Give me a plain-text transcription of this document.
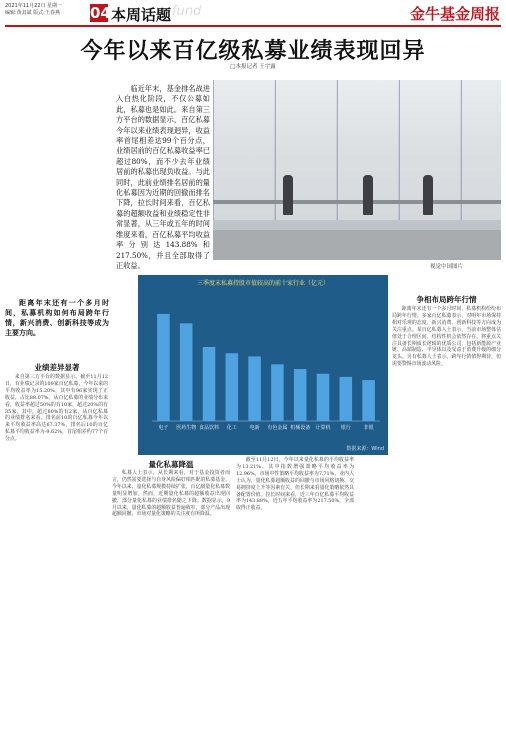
2021年11月22日 星期一
编辑:黄其斌 版式:王春燕	04 本周话题 fund	金牛基金周报
今年以来百亿级私募业绩表现回异
□本报记者 王宇露

临近年末，基金排名战进入白热化阶段，不仅公募如此，私募也是如此。来自第三方平台的数据显示，百亿私募今年以来业绩表现迥异，收益率首尾相差达99个百分点，业绩居前的百亿私募收益率已超过80%，而不少去年业绩居前的私募出现负收益。与此同时，此前业绩排名居前的量化私募因为近期的回撤而排名下降，拉长时间来看，百亿私募的超额收益和业绩稳定性非常显著，从三年或五年的时间维度来看，百亿私募平均收益率分别达143.88%和217.50%，并且全部取得了正收益。	视觉中国图片

距离年末还有一个多月时间，私募机构如何布局跨年行情，新兴消费、创新科技等成为主要方向。

业绩差异显著

来自第三方平台的数据显示，截至11月12日，有业绩记录的109家百亿私募，今年以来的平均收益率为15.20%，其中有96家实现了正收益，占比88.07%。从百亿私募的业绩分布来看，收益率超过50%的有10家，超过20%的有35家，其中，超过80%的有2家。从百亿私募的业绩排名来看，排名前10的百亿私募今年以来平均收益率高达67.37%，排名后10的百亿私募平均收益率为-9.62%，首尾相差约77个百分点。

三季度末私募持股市值较高的前十家行业（亿元）
电子 医药生物 食品饮料 化工	电新 有色金属 机械设备 计算机 银行	非银
数据来源：Wind
量化私募降温

私募人士表示，从长期来看，对于基金投资者而言，仍然需要选择与自身风险偏好相匹配的私募基金。今年以来，量化私募规模持续扩张，百亿级量化私募数量明显增加。然而，近期量化私募的超额收益出现回撤，部分量化私募的业绩排名随之下降。数据显示，9月以来，量化私募的超额收益普遍收窄，部分产品出现超额回撤，市场对量化策略的关注度有所降温。

截至11月12日，今年以来量化私募的平均收益率为13.21%，其中指数增强策略平均收益率为12.96%，市场中性策略平均收益率为7.71%。业内人士认为，量化私募超额收益的回撤与市场风格切换、交易拥挤度上升等因素有关，但长期来看量化策略依然具备配置价值。拉长时间来看，近三年百亿私募平均收益率为143.88%，近五年平均收益率为217.50%，全部取得正收益。

争相布局跨年行情

距离年末还有一个多月时间，私募机构纷纷布局跨年行情。多家百亿私募表示，对明年市场保持相对乐观的态度，新兴消费、创新科技等方向成为关注重点。某百亿私募人士表示，当前市场整体估值处于合理区间，结构性机会依然存在，将重点关注具备长期成长逻辑的优质公司，包括新能源产业链、高端制造、半导体以及受益于消费升级的细分龙头。另有私募人士表示，跨年行情值得期待，但需要警惕市场波动风险。
